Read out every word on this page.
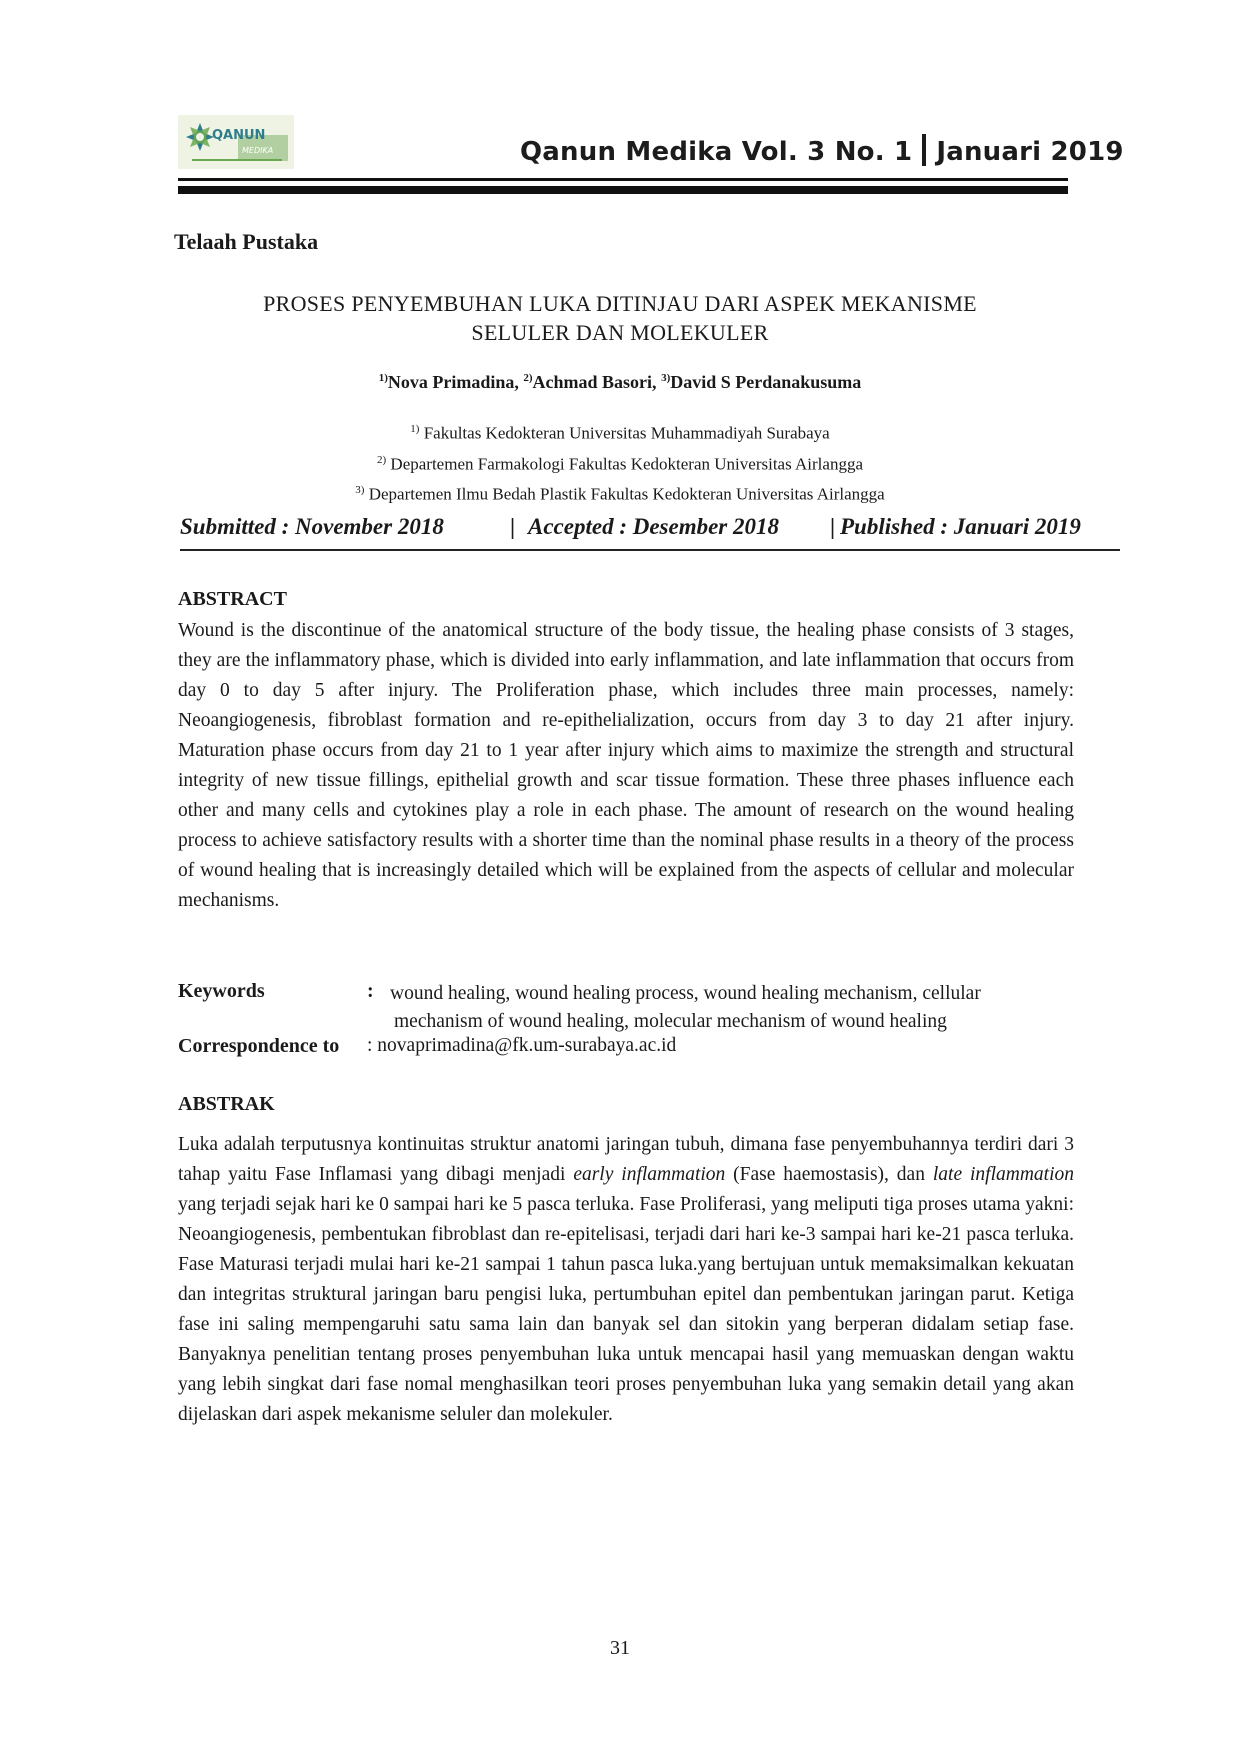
QANUN
MEDIKA	Qanun Medika Vol. 3 No. 1 Januari 2019
Telaah Pustaka
PROSES PENYEMBUHAN LUKA DITINJAU DARI ASPEK MEKANISME
SELULER DAN MOLEKULER
$^{1)}$Nova Primadina, $^{2)}$Achmad Basori, $^{3)}$David S Perdanakusuma
$^{1)}$ Fakultas Kedokteran Universitas Muhammadiyah Surabaya
$^{2)}$ Departemen Farmakologi Fakultas Kedokteran Universitas Airlangga
$^{3)}$ Departemen Ilmu Bedah Plastik Fakultas Kedokteran Universitas Airlangga
Submitted : November 2018	| Accepted : Desember 2018 | Published : Januari 2019
ABSTRACT
Wound is the discontinue of the anatomical structure of the body tissue, the healing phase consists of 3 stages, they are the inflammatory phase, which is divided into early inflammation, and late inflammation that occurs from day 0 to day 5 after injury. The Proliferation phase, which includes three main processes, namely: Neoangiogenesis, fibroblast formation and re-epithelialization, occurs from day 3 to day 21 after injury. Maturation phase occurs from day 21 to 1 year after injury which aims to maximize the strength and structural integrity of new tissue fillings, epithelial growth and scar tissue formation. These three phases influence each other and many cells and cytokines play a role in each phase. The amount of research on the wound healing process to achieve satisfactory results with a shorter time than the nominal phase results in a theory of the process of wound healing that is increasingly detailed which will be explained from the aspects of cellular and molecular mechanisms.
Keywords	: wound healing, wound healing process, wound healing mechanism, cellular
mechanism of wound healing, molecular mechanism of wound healing
Correspondence to : novaprimadina@fk.um-surabaya.ac.id
ABSTRAK
Luka adalah terputusnya kontinuitas struktur anatomi jaringan tubuh, dimana fase penyembuhannya terdiri dari 3 tahap yaitu Fase Inflamasi yang dibagi menjadi early inflammation (Fase haemostasis), dan late inflammation yang terjadi sejak hari ke 0 sampai hari ke 5 pasca terluka. Fase Proliferasi, yang meliputi tiga proses utama yakni: Neoangiogenesis, pembentukan fibroblast dan re-epitelisasi, terjadi dari hari ke-3 sampai hari ke-21 pasca terluka. Fase Maturasi terjadi mulai hari ke-21 sampai 1 tahun pasca luka.yang bertujuan untuk memaksimalkan kekuatan dan integritas struktural jaringan baru pengisi luka, pertumbuhan epitel dan pembentukan jaringan parut. Ketiga fase ini saling mempengaruhi satu sama lain dan banyak sel dan sitokin yang berperan didalam setiap fase. Banyaknya penelitian tentang proses penyembuhan luka untuk mencapai hasil yang memuaskan dengan waktu yang lebih singkat dari fase nomal menghasilkan teori proses penyembuhan luka yang semakin detail yang akan dijelaskan dari aspek mekanisme seluler dan molekuler.
31
